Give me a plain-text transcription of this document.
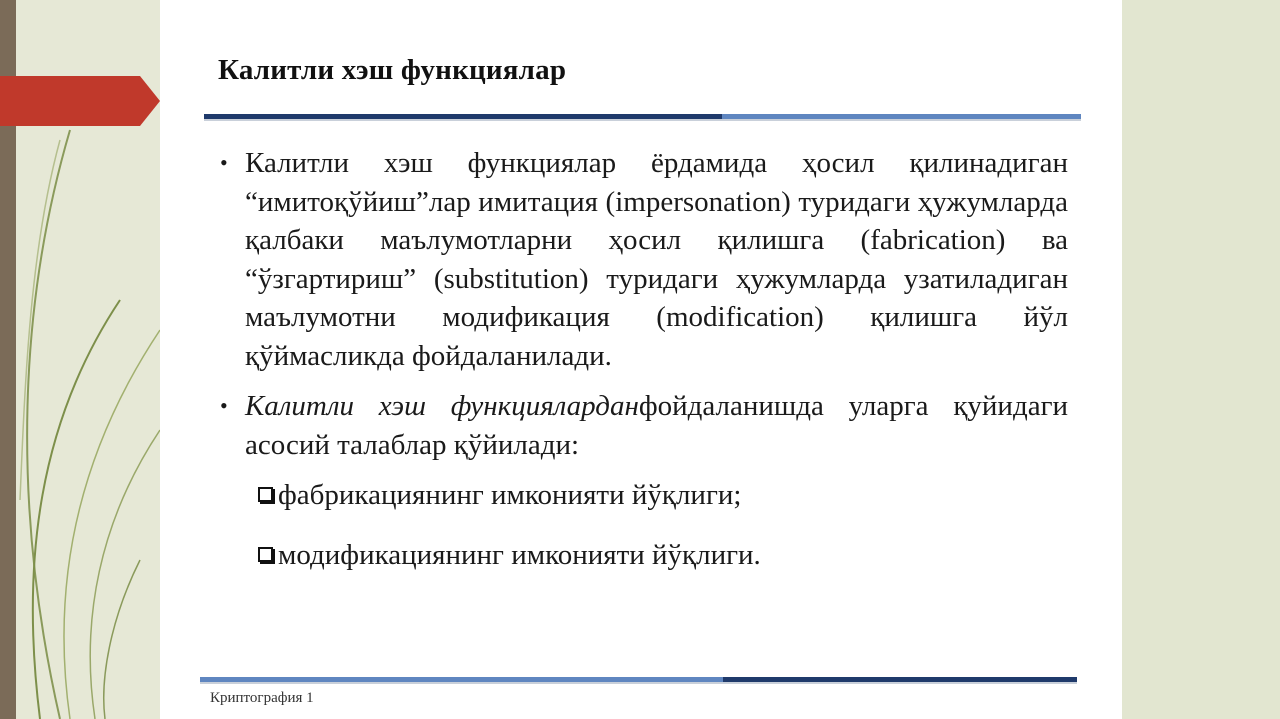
Калитли хэш функциялар
• Калитли хэш функциялар ёрдамида ҳосил қилинадиган “имитоқўйиш”лар имитация (impersonation) туридаги ҳужумларда қалбаки маълумотларни ҳосил қилишга (fabrication) ва “ўзгартириш” (substitution) туридаги ҳужумларда узатиладиган маълумотни модификация (modification) қилишга йўл қўймасликда фойдаланилади.
• Калитли хэш функцияларданфойдаланишда уларга қуйидаги асосий талаблар қўйилади:
фабрикациянинг имконияти йўқлиги;
модификациянинг имконияти йўқлиги.
Криптография 1
